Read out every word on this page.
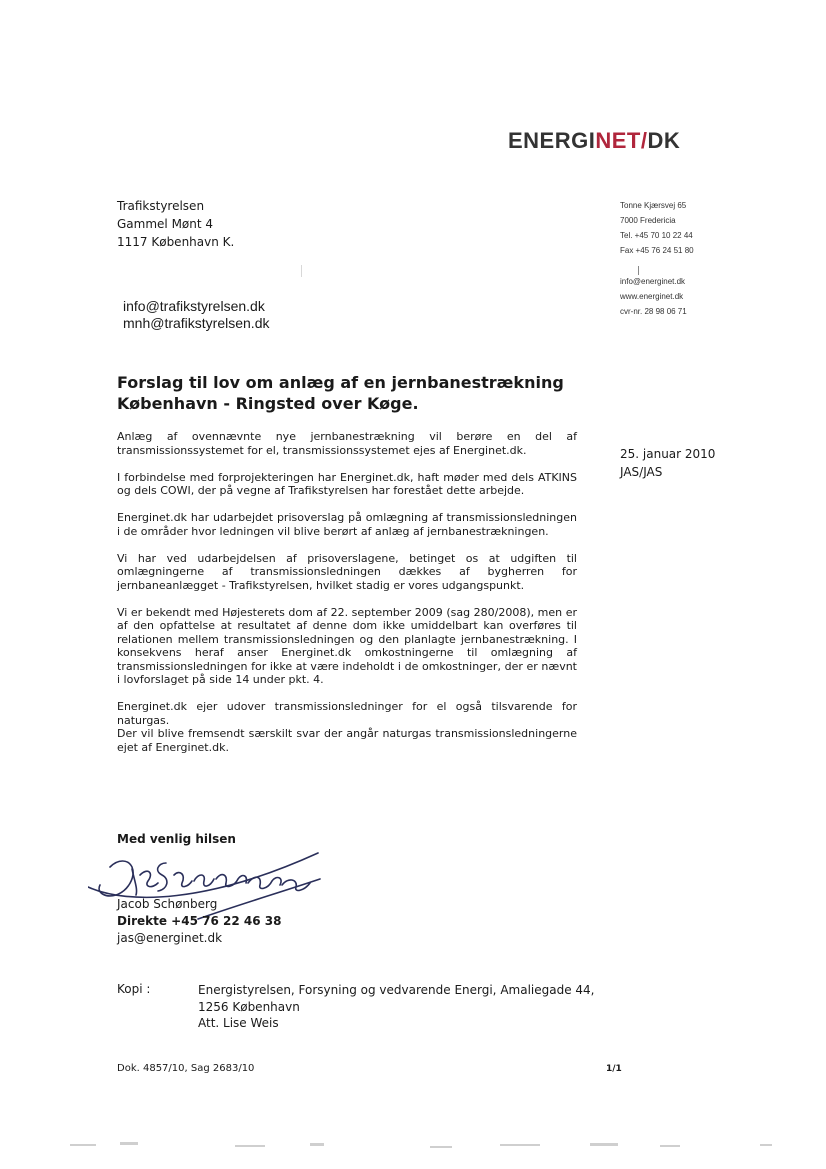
ENERGINET/DK
Trafikstyrelsen
Gammel Mønt 4
1117 København K.
Tonne Kjærsvej 65
7000 Fredericia
Tel. +45 70 10 22 44
Fax +45 76 24 51 80
info@energinet.dk
www.energinet.dk
cvr-nr. 28 98 06 71
info@trafikstyrelsen.dk
mnh@trafikstyrelsen.dk
Forslag til lov om anlæg af en jernbanestrækning København - Ringsted over Køge.
25. januar 2010
JAS/JAS

Anlæg af ovennævnte nye jernbanestrækning vil berøre en del af transmissionssystemet for el, transmissionssystemet ejes af Energinet.dk.

I forbindelse med forprojekteringen har Energinet.dk, haft møder med dels ATKINS og dels COWI, der på vegne af Trafikstyrelsen har forestået dette arbejde.

Energinet.dk har udarbejdet prisoverslag på omlægning af transmissionsledningen i de områder hvor ledningen vil blive berørt af anlæg af jernbanestrækningen.

Vi har ved udarbejdelsen af prisoverslagene, betinget os at udgiften til omlægningerne af transmissionsledningen dækkes af bygherren for jernbaneanlægget - Trafikstyrelsen, hvilket stadig er vores udgangspunkt.

Vi er bekendt med Højesterets dom af 22. september 2009 (sag 280/2008), men er af den opfattelse at resultatet af denne dom ikke umiddelbart kan overføres til relationen mellem transmissionsledningen og den planlagte jernbanestrækning. I konsekvens heraf anser Energinet.dk omkostningerne til omlægning af transmissionsledningen for ikke at være indeholdt i de omkostninger, der er nævnt i lovforslaget på side 14 under pkt. 4.

Energinet.dk ejer udover transmissionsledninger for el også tilsvarende for naturgas.
Der vil blive fremsendt særskilt svar der angår naturgas transmissionsledningerne ejet af Energinet.dk.

Med venlig hilsen
Jacob Schønberg
Direkte +45 76 22 46 38
jas@energinet.dk
Kopi :	Energistyrelsen, Forsyning og vedvarende Energi, Amaliegade 44,
1256 København
Att. Lise Weis
Dok. 4857/10, Sag 2683/10	1/1
